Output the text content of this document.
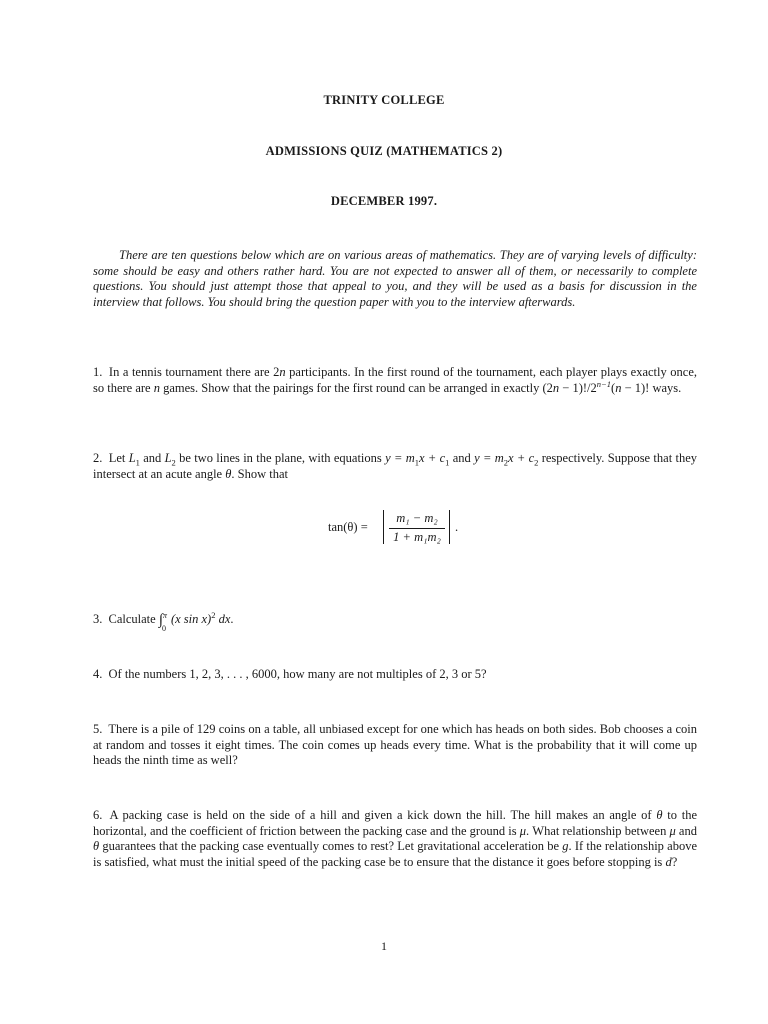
TRINITY COLLEGE
ADMISSIONS QUIZ (MATHEMATICS 2)
DECEMBER 1997.

There are ten questions below which are on various areas of mathematics. They are of varying levels of difficulty: some should be easy and others rather hard. You are not expected to answer all of them, or necessarily to complete questions. You should just attempt those that appeal to you, and they will be used as a basis for discussion in the interview that follows. You should bring the question paper with you to the interview afterwards.

1. In a tennis tournament there are 2n participants. In the first round of the tournament, each player plays exactly once, so there are n games. Show that the pairings for the first round can be arranged in exactly $(2n - 1)!/2^{n-1}(n - 1)$! ways.

2. Let $L_1$ and $L_2$ be two lines in the plane, with equations $y = m_1x + c_1$ and $y = m_2x + c_2$ respectively. Suppose that they intersect at an acute angle θ. Show that

tan(θ) =
m₁ − m₂
1 + m₁m₂
.

3. Calculate ∫ π
0
(x sin x)$^2$ dx.

4. Of the numbers 1, 2, 3, . . . , 6000, how many are not multiples of 2, 3 or 5?

5. There is a pile of 129 coins on a table, all unbiased except for one which has heads on both sides. Bob chooses a coin at random and tosses it eight times. The coin comes up heads every time. What is the probability that it will come up heads the ninth time as well?

6. A packing case is held on the side of a hill and given a kick down the hill. The hill makes an angle of θ to the horizontal, and the coefficient of friction between the packing case and the ground is μ. What relationship between μ and θ guarantees that the packing case eventually comes to rest? Let gravitational acceleration be g. If the relationship above is satisfied, what must the initial speed of the packing case be to ensure that the distance it goes before stopping is d?

1
